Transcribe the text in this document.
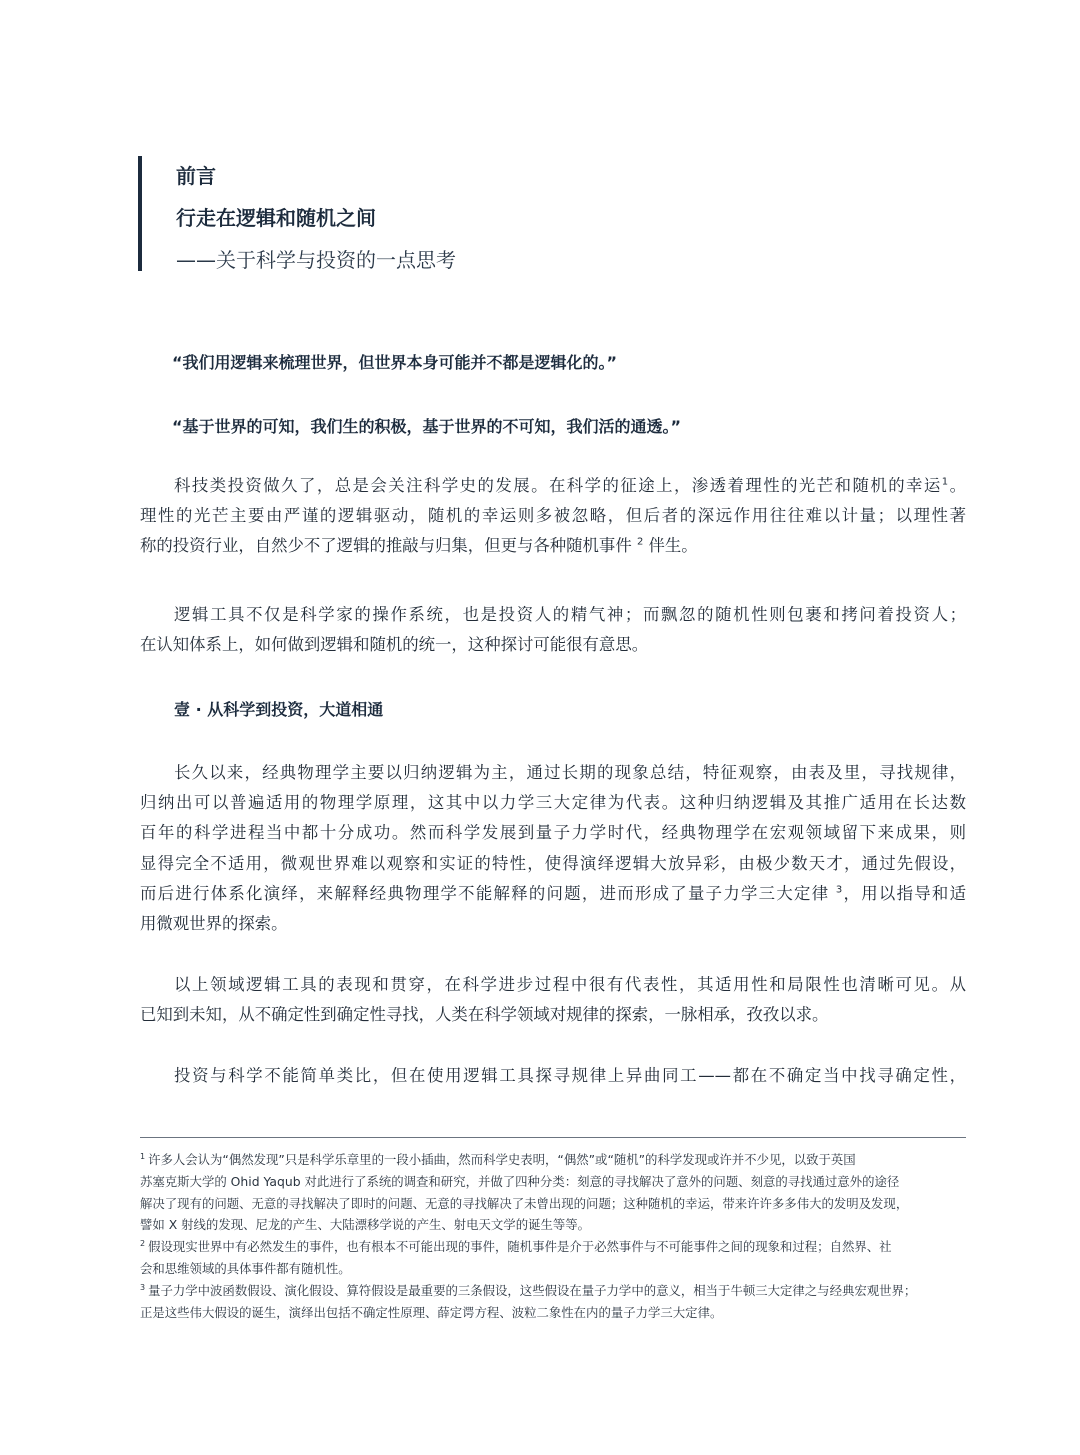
前言
行走在逻辑和随机之间
——关于科学与投资的一点思考
“我们用逻辑来梳理世界，但世界本身可能并不都是逻辑化的。”
“基于世界的可知，我们生的积极，基于世界的不可知，我们活的通透。”
科技类投资做久了，总是会关注科学史的发展。在科学的征途上，渗透着理性的光芒和随机的幸运$^1$。
理性的光芒主要由严谨的逻辑驱动，随机的幸运则多被忽略，但后者的深远作用往往难以计量；以理性著
称的投资行业，自然少不了逻辑的推敲与归集，但更与各种随机事件 $^2$ 伴生。
逻辑工具不仅是科学家的操作系统，也是投资人的精气神；而飘忽的随机性则包裹和拷问着投资人；
在认知体系上，如何做到逻辑和随机的统一，这种探讨可能很有意思。
壹 · 从科学到投资，大道相通
长久以来，经典物理学主要以归纳逻辑为主，通过长期的现象总结，特征观察，由表及里，寻找规律，
归纳出可以普遍适用的物理学原理，这其中以力学三大定律为代表。这种归纳逻辑及其推广适用在长达数
百年的科学进程当中都十分成功。然而科学发展到量子力学时代，经典物理学在宏观领域留下来成果，则
显得完全不适用，微观世界难以观察和实证的特性，使得演绎逻辑大放异彩，由极少数天才，通过先假设，
而后进行体系化演绎，来解释经典物理学不能解释的问题，进而形成了量子力学三大定律 $^3$，用以指导和适
用微观世界的探索。
以上领域逻辑工具的表现和贯穿，在科学进步过程中很有代表性，其适用性和局限性也清晰可见。从
已知到未知，从不确定性到确定性寻找，人类在科学领域对规律的探索，一脉相承，孜孜以求。
投资与科学不能简单类比，但在使用逻辑工具探寻规律上异曲同工——都在不确定当中找寻确定性，
$^1$ 许多人会认为“偶然发现”只是科学乐章里的一段小插曲，然而科学史表明，“偶然”或“随机”的科学发现或许并不少见，以致于英国
苏塞克斯大学的 Ohid Yaqub 对此进行了系统的调查和研究，并做了四种分类：刻意的寻找解决了意外的问题、刻意的寻找通过意外的途径
解决了现有的问题、无意的寻找解决了即时的问题、无意的寻找解决了未曾出现的问题；这种随机的幸运，带来许许多多伟大的发明及发现，
譬如 X 射线的发现、尼龙的产生、大陆漂移学说的产生、射电天文学的诞生等等。
$^2$ 假设现实世界中有必然发生的事件，也有根本不可能出现的事件，随机事件是介于必然事件与不可能事件之间的现象和过程；自然界、社
会和思维领域的具体事件都有随机性。
$^3$ 量子力学中波函数假设、演化假设、算符假设是最重要的三条假设，这些假设在量子力学中的意义，相当于牛顿三大定律之与经典宏观世界；
正是这些伟大假设的诞生，演绎出包括不确定性原理、薛定谔方程、波粒二象性在内的量子力学三大定律。
